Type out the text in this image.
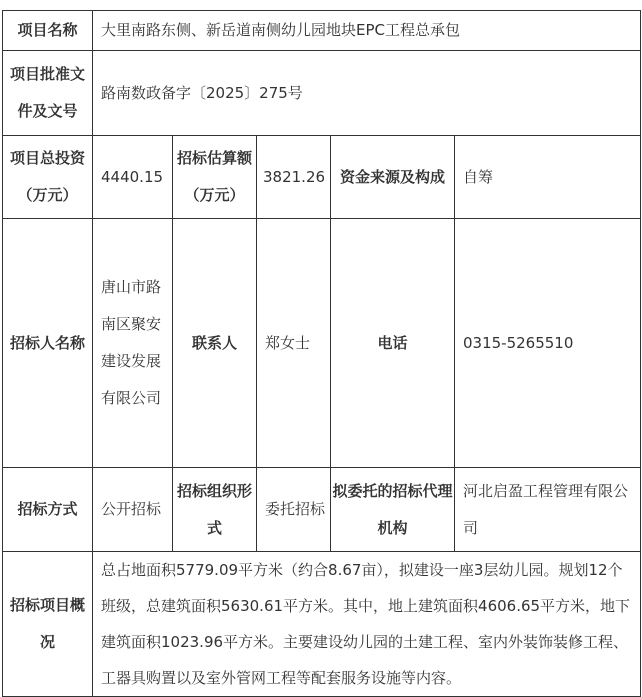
项目名称	大里南路东侧、新岳道南侧幼儿园地块EPC工程总承包				
项目批准文件及文号	路南数政备字〔2025〕275号				
项目总投资（万元）	4440.15	招标估算额（万元）	3821.26	资金来源及构成	自筹
招标人名称	唐山市路南区聚安建设发展有限公司	联系人	郑女士	电话	0315-5265510
招标方式	公开招标	招标组织形式	委托招标	拟委托的招标代理机构	河北启盈工程管理有限公司
招标项目概况	总占地面积5779.09平方米（约合8.67亩），拟建设一座3层幼儿园。规划12个班级，总建筑面积5630.61平方米。其中，地上建筑面积4606.65平方米，地下建筑面积1023.96平方米。主要建设幼儿园的土建工程、室内外装饰装修工程、工器具购置以及室外管网工程等配套服务设施等内容。				
